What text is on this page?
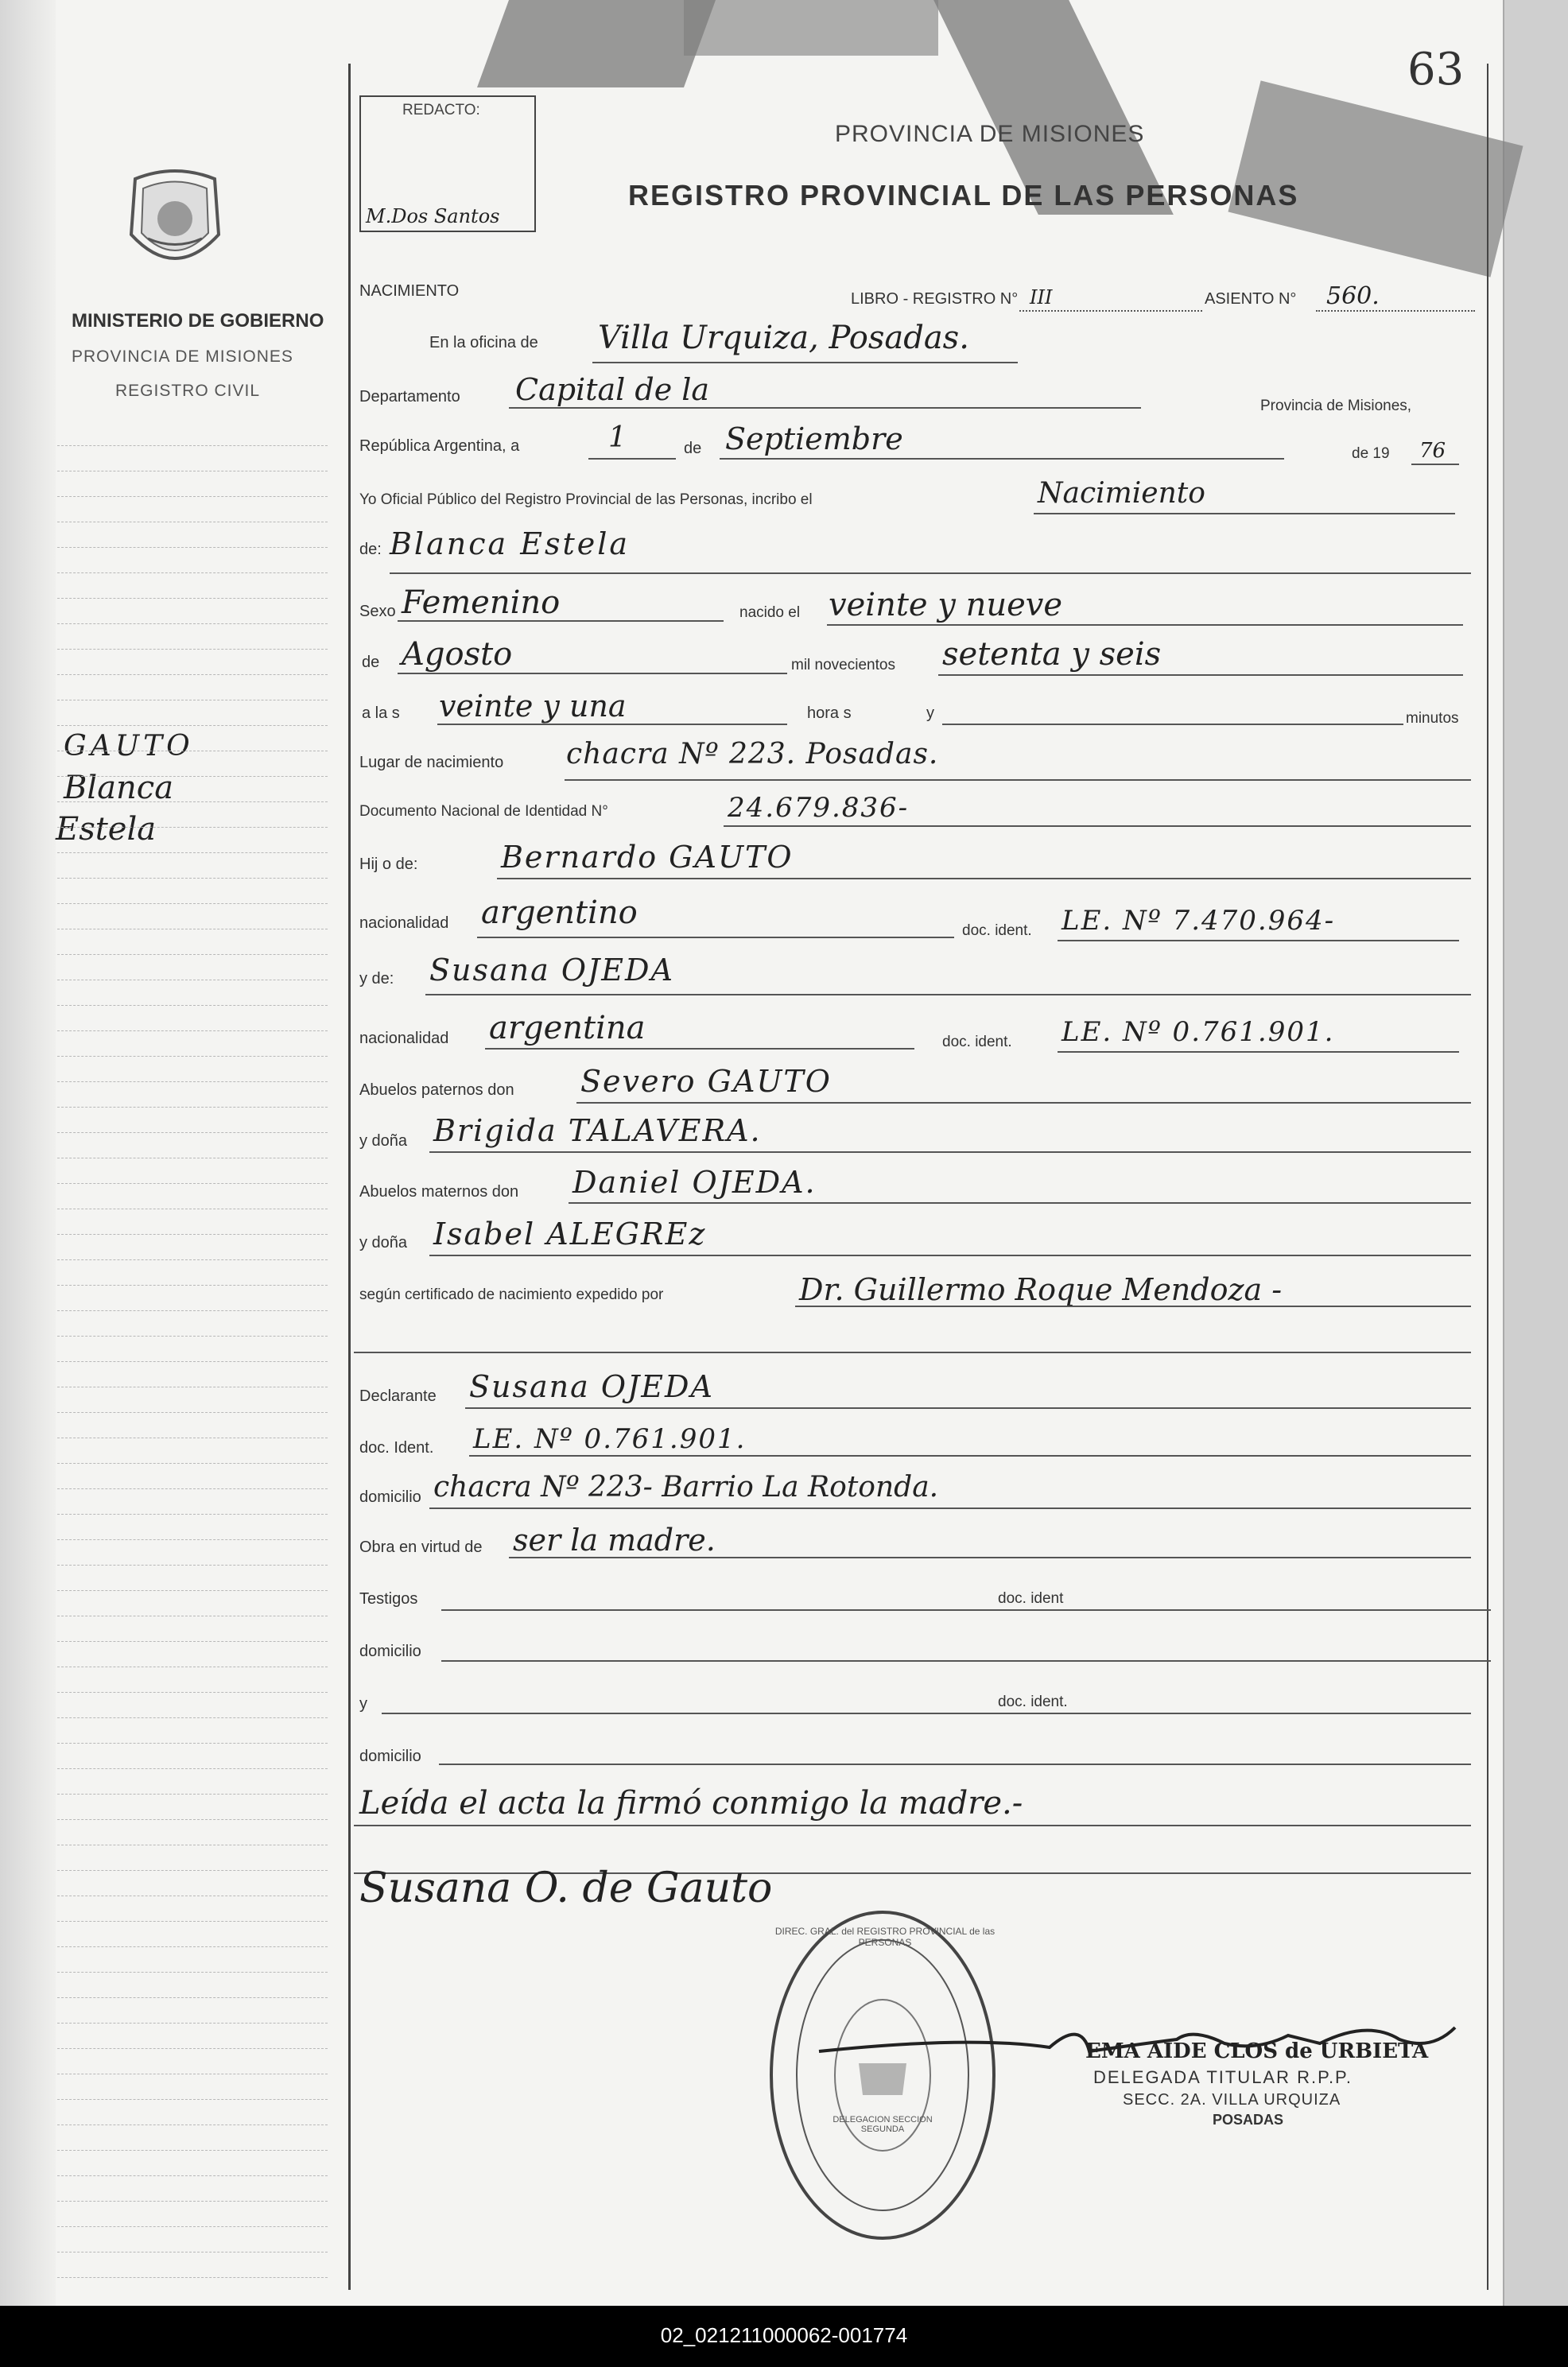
63
MINISTERIO DE GOBIERNO
PROVINCIA DE MISIONES
REGISTRO CIVIL
GAUTO
Blanca
Estela
REDACTO:
M.Dos Santos
PROVINCIA DE MISIONES
REGISTRO PROVINCIAL DE LAS PERSONAS
NACIMIENTO	LIBRO - REGISTRO N° III	ASIENTO N° 560.
En la oficina de Villa Urquiza, Posadas.
Departamento Capital de la	Provincia de Misiones,
República Argentina, a	1	de Septiembre	de 19 76
Yo Oficial Público del Registro Provincial de las Personas, incribo el	Nacimiento
de: Blanca Estela
Sexo Femenino	nacido el veinte y nueve
de Agosto	mil novecientos setenta y seis
a la s veinte y una	hora s	y	minutos
Lugar de nacimiento chacra Nº 223. Posadas.
Documento Nacional de Identidad N°	24.679.836-
Hij o de:	Bernardo GAUTO
nacionalidad argentino	doc. ident. LE. Nº 7.470.964-
y de: Susana OJEDA
nacionalidad argentina	doc. ident. LE. Nº 0.761.901.
Abuelos paternos don Severo GAUTO
y doña Brigida TALAVERA.
Abuelos maternos don Daniel OJEDA.
y doña Isabel ALEGREz
según certificado de nacimiento expedido por	Dr. Guillermo Roque Mendoza -
Declarante Susana OJEDA
doc. Ident. LE. Nº 0.761.901.
domicilio chacra Nº 223- Barrio La Rotonda.
Obra en virtud de ser la madre.
Testigos	doc. ident
domicilio
y	doc. ident.
domicilio
Leída el acta la firmó conmigo la madre.-
Susana O. de Gauto
DIREC. GRAL. del REGISTRO PROVINCIAL de las PERSONAS
DELEGACION SECCION SEGUNDA
EMA AIDE CLOS de URBIETA
DELEGADA TITULAR R.P.P.
SECC. 2A. VILLA URQUIZA
POSADAS
02_021211000062-001774
